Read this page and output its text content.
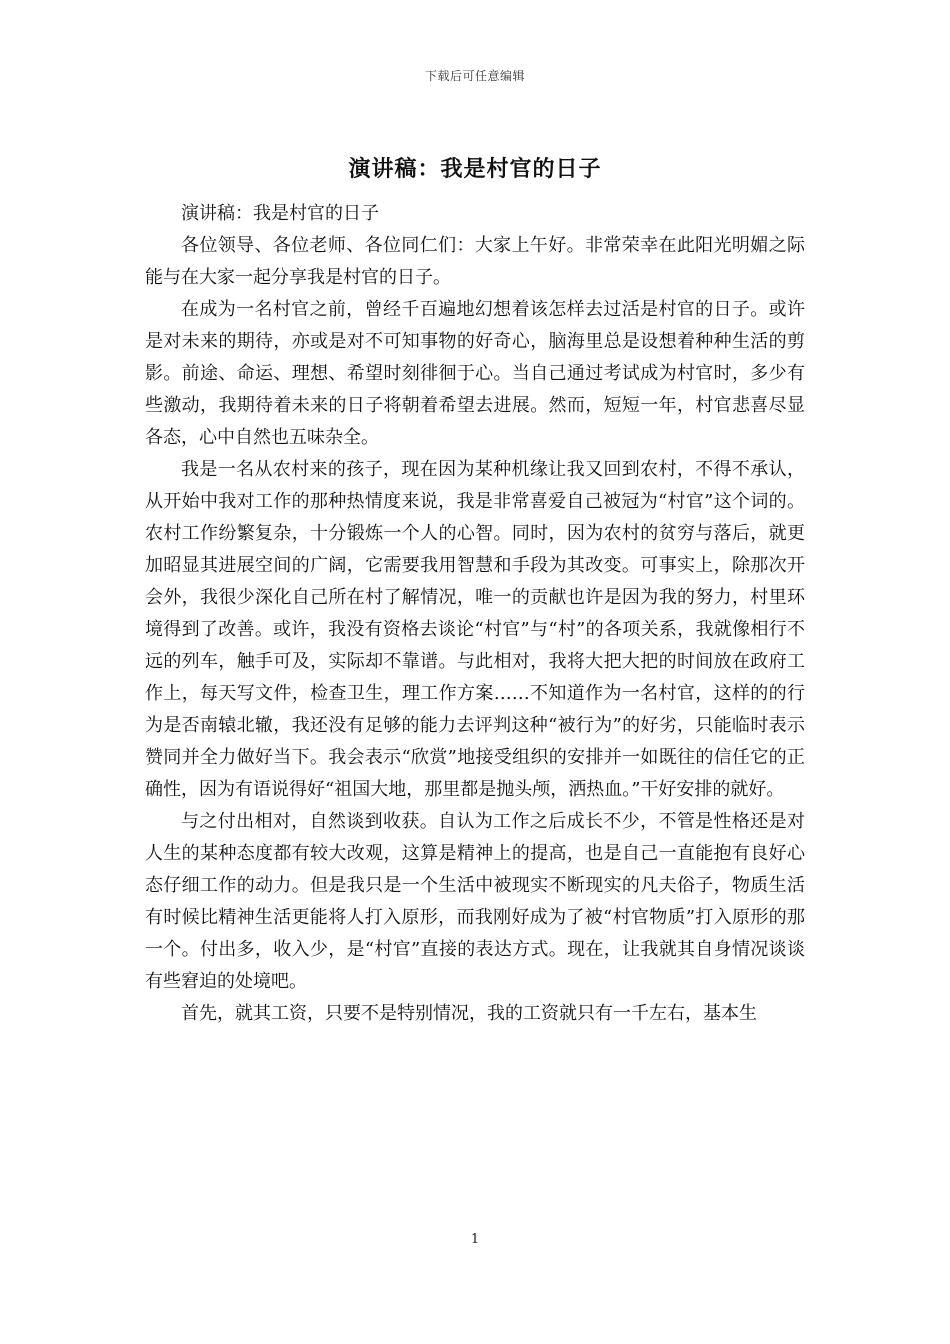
下载后可任意编辑
演讲稿：我是村官的日子

演讲稿：我是村官的日子

各位领导、各位老师、各位同仁们：大家上午好。非常荣幸在此阳光明媚之际能与在大家一起分享我是村官的日子。

在成为一名村官之前，曾经千百遍地幻想着该怎样去过活是村官的日子。或许是对未来的期待，亦或是对不可知事物的好奇心，脑海里总是设想着种种生活的剪影。前途、命运、理想、希望时刻徘徊于心。当自己通过考试成为村官时，多少有些激动，我期待着未来的日子将朝着希望去进展。然而，短短一年，村官悲喜尽显各态，心中自然也五味杂全。

我是一名从农村来的孩子，现在因为某种机缘让我又回到农村，不得不承认，从开始中我对工作的那种热情度来说，我是非常喜爱自己被冠为“村官”这个词的。农村工作纷繁复杂，十分锻炼一个人的心智。同时，因为农村的贫穷与落后，就更加昭显其进展空间的广阔，它需要我用智慧和手段为其改变。可事实上，除那次开会外，我很少深化自己所在村了解情况，唯一的贡献也许是因为我的努力，村里环境得到了改善。或许，我没有资格去谈论“村官”与“村”的各项关系，我就像相行不远的列车，触手可及，实际却不靠谱。与此相对，我将大把大把的时间放在政府工作上，每天写文件，检查卫生，理工作方案……不知道作为一名村官，这样的的行为是否南辕北辙，我还没有足够的能力去评判这种“被行为”的好劣，只能临时表示赞同并全力做好当下。我会表示“欣赏”地接受组织的安排并一如既往的信任它的正确性，因为有语说得好“祖国大地，那里都是抛头颅，洒热血。”干好安排的就好。

与之付出相对，自然谈到收获。自认为工作之后成长不少，不管是性格还是对人生的某种态度都有较大改观，这算是精神上的提高，也是自己一直能抱有良好心态仔细工作的动力。但是我只是一个生活中被现实不断现实的凡夫俗子，物质生活有时候比精神生活更能将人打入原形，而我刚好成为了被“村官物质”打入原形的那一个。付出多，收入少，是“村官”直接的表达方式。现在，让我就其自身情况谈谈有些窘迫的处境吧。

首先，就其工资，只要不是特别情况，我的工资就只有一千左右，基本生

1
